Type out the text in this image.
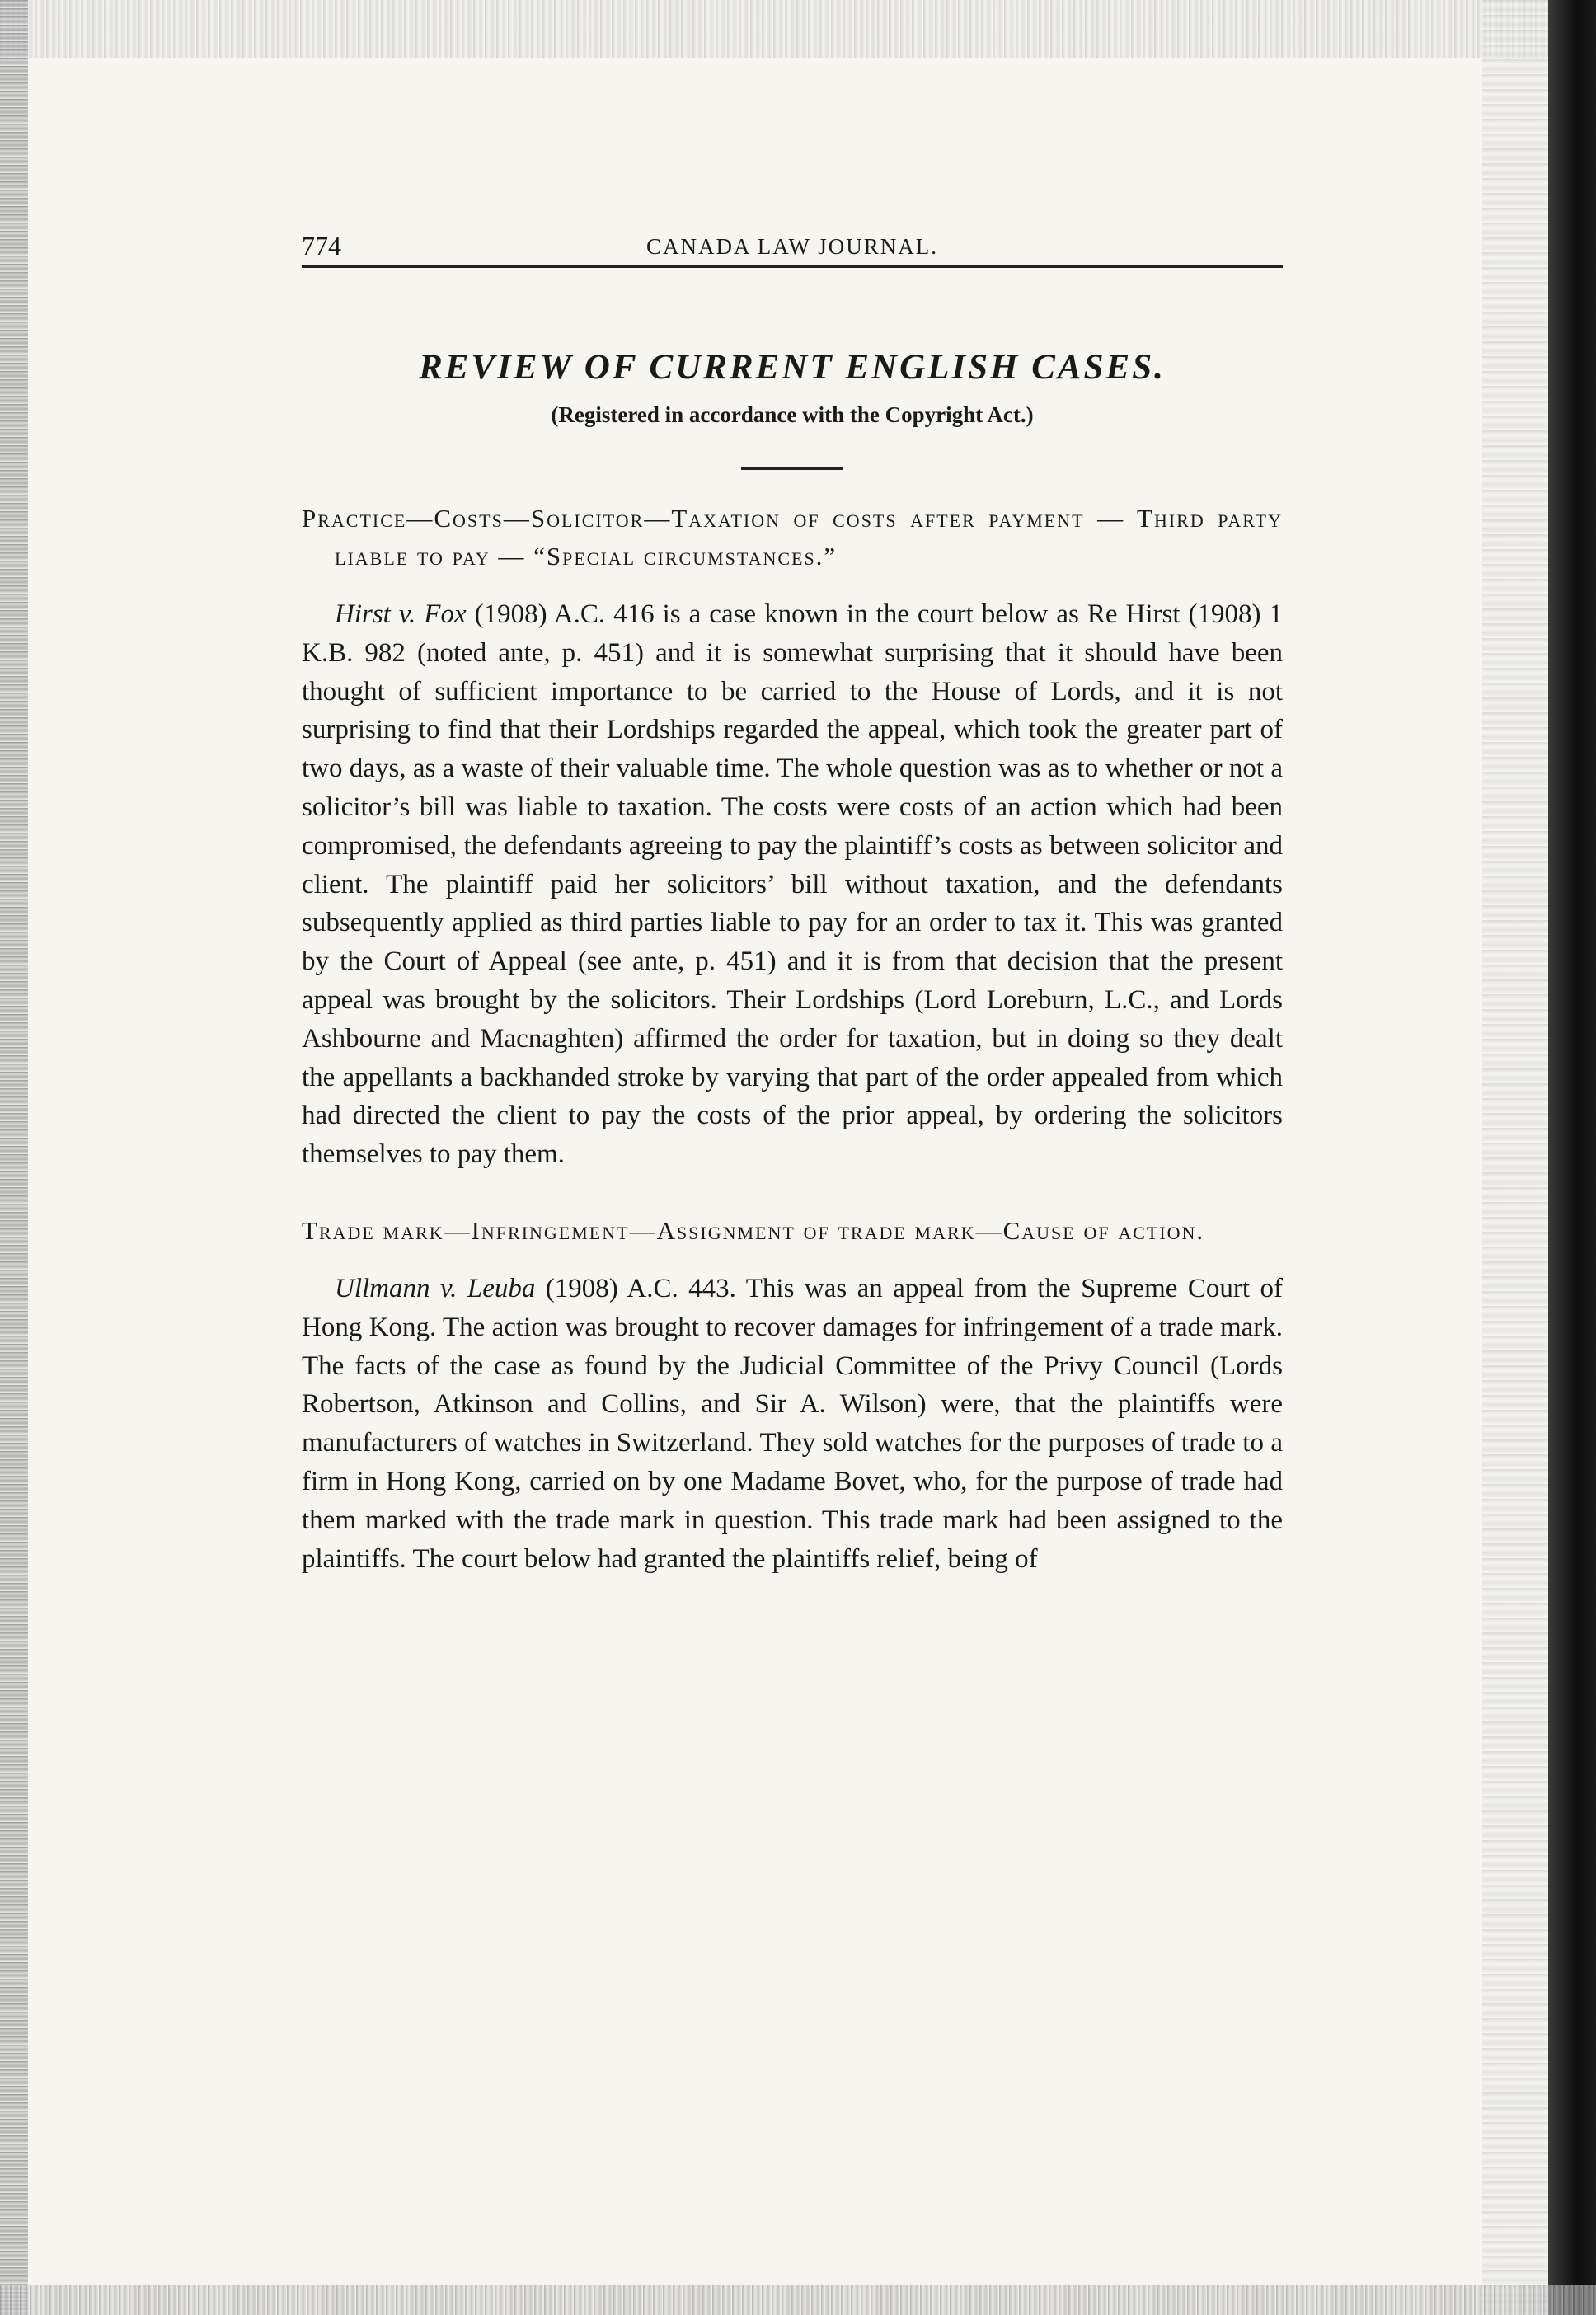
774	CANADA LAW JOURNAL.
REVIEW OF CURRENT ENGLISH CASES.
(Registered in accordance with the Copyright Act.)
Practice—Costs—Solicitor—Taxation of costs after payment — Third party liable to pay — “Special circumstances.”

Hirst v. Fox (1908) A.C. 416 is a case known in the court below as Re Hirst (1908) 1 K.B. 982 (noted ante, p. 451) and it is somewhat surprising that it should have been thought of sufficient importance to be carried to the House of Lords, and it is not surprising to find that their Lordships regarded the appeal, which took the greater part of two days, as a waste of their valuable time. The whole question was as to whether or not a solicitor’s bill was liable to taxation. The costs were costs of an action which had been compromised, the defendants agreeing to pay the plaintiff’s costs as between solicitor and client. The plaintiff paid her solicitors’ bill without taxation, and the defendants subsequently applied as third parties liable to pay for an order to tax it. This was granted by the Court of Appeal (see ante, p. 451) and it is from that decision that the present appeal was brought by the solicitors. Their Lordships (Lord Loreburn, L.C., and Lords Ashbourne and Macnaghten) affirmed the order for taxation, but in doing so they dealt the appellants a backhanded stroke by varying that part of the order appealed from which had directed the client to pay the costs of the prior appeal, by ordering the solicitors themselves to pay them.

Trade mark—Infringement—Assignment of trade mark—Cause of action.

Ullmann v. Leuba (1908) A.C. 443. This was an appeal from the Supreme Court of Hong Kong. The action was brought to recover damages for infringement of a trade mark. The facts of the case as found by the Judicial Committee of the Privy Council (Lords Robertson, Atkinson and Collins, and Sir A. Wilson) were, that the plaintiffs were manufacturers of watches in Switzerland. They sold watches for the purposes of trade to a firm in Hong Kong, carried on by one Madame Bovet, who, for the purpose of trade had them marked with the trade mark in question. This trade mark had been assigned to the plaintiffs. The court below had granted the plaintiffs relief, being of
